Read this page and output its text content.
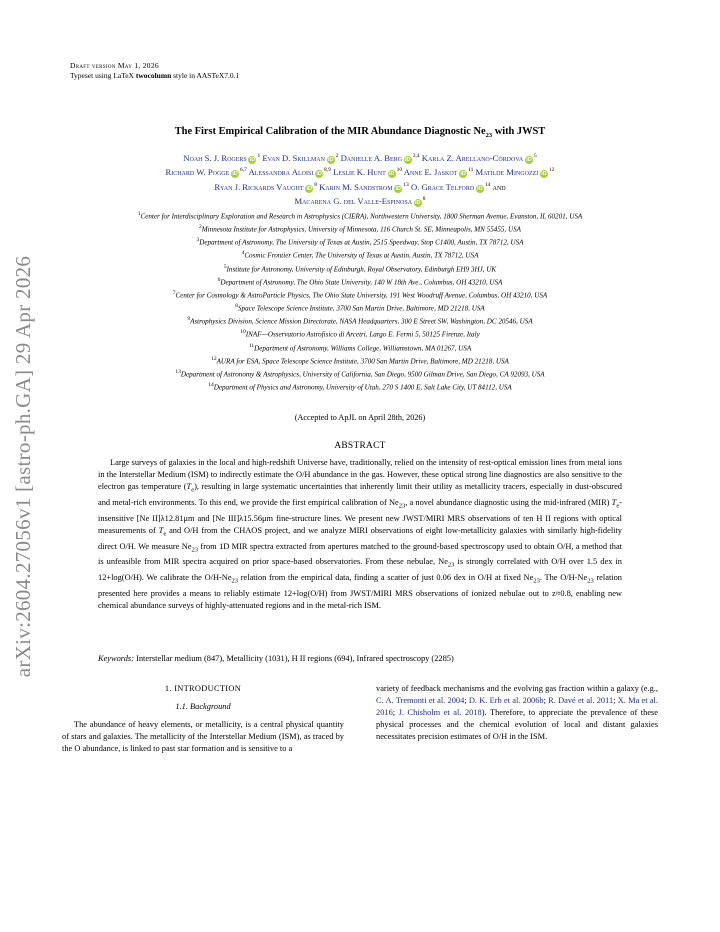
arXiv:2604.27056v1 [astro-ph.GA] 29 Apr 2026
Draft version May 1, 2026
Typeset using LaTeX twocolumn style in AASTeX7.0.1
The First Empirical Calibration of the MIR Abundance Diagnostic $Ne_{23}$ with JWST
Noah S. J. Rogers  $iD^1$ Evan D. Skillman  $iD^2$ Danielle A. Berg  iD$^{3,4}$ Karla Z. Arellano-Córdova  $iD^5$
Richard W. Pogge  iD$^{6,7}$ Alessandra Aloisi  iD$^{8,9}$ Leslie K. Hunt  $iD^{10}$ Anne E. Jaskot  $iD^{11}$ Matilde Mingozzi  $iD^{12}$
Ryan J. Rickards Vaught  $iD^8$ Karin M. Sandstrom  $iD^{13}$ O. Grace Telford  $iD^{14}$ and
Macarena G. del Valle-Espinosa  $iD^8$
$^1$Center for Interdisciplinary Exploration and Research in Astrophysics (CIERA), Northwestern University, 1800 Sherman Avenue, Evanston, IL 60201, USA
$^2$Minnesota Institute for Astrophysics, University of Minnesota, 116 Church St. SE, Minneapolis, MN 55455, USA
$^3$Department of Astronomy, The University of Texas at Austin, 2515 Speedway, Stop C1400, Austin, TX 78712, USA
$^4$Cosmic Frontier Center, The University of Texas at Austin, Austin, TX 78712, USA
$^5$Institute for Astronomy, University of Edinburgh, Royal Observatory, Edinburgh EH9 3HJ, UK
$^6$Department of Astronomy, The Ohio State University, 140 W 18th Ave., Columbus, OH 43210, USA
$^7$Center for Cosmology & AstroParticle Physics, The Ohio State University, 191 West Woodruff Avenue, Columbus, OH 43210, USA
$^8$Space Telescope Science Institute, 3700 San Martin Drive, Baltimore, MD 21218, USA
$^9$Astrophysics Division, Science Mission Directorate, NASA Headquarters, 300 E Street SW, Washington, DC 20546, USA
$^{10}$INAF—Osservatorio Astrofisico di Arcetri, Largo E. Fermi 5, 50125 Firenze, Italy
$^{11}$Department of Astronomy, Williams College, Williamstown, MA 01267, USA
$^{12}$AURA for ESA, Space Telescope Science Institute, 3700 San Martin Drive, Baltimore, MD 21218, USA
$^{13}$Department of Astronomy & Astrophysics, University of California, San Diego, 9500 Gilman Drive, San Diego, CA 92093, USA
$^{14}$Department of Physics and Astronomy, University of Utah, 270 S 1400 E, Salt Lake City, UT 84112, USA
(Accepted to ApJL on April 28th, 2026)
ABSTRACT
Large surveys of galaxies in the local and high-redshift Universe have, traditionally, relied on the intensity of rest-optical emission lines from metal ions in the Interstellar Medium (ISM) to indirectly estimate the O/H abundance in the gas. However, these optical strong line diagnostics are also sensitive to the electron gas temperature $(T_e)$, resulting in large systematic uncertainties that inherently limit their utility as metallicity tracers, especially in dust-obscured and metal-rich environments. To this end, we provide the first empirical calibration of $Ne_{23}$, a novel abundance diagnostic using the mid-infrared (MIR) $T_e$-insensitive [Ne II]λ12.81μm and [Ne III]λ15.56μm fine-structure lines. We present new JWST/MIRI MRS observations of ten H II regions with optical measurements of $T_e$ and O/H from the CHAOS project, and we analyze MIRI observations of eight low-metallicity galaxies with similarly high-fidelity direct O/H. We measure $Ne_{23}$ from 1D MIR spectra extracted from apertures matched to the ground-based spectroscopy used to obtain O/H, a method that is unfeasible from MIR spectra acquired on prior space-based observatories. From these nebulae, $Ne_{23}$ is strongly correlated with O/H over 1.5 dex in 12+log(O/H). We calibrate the $O/H-Ne_{23}$ relation from the empirical data, finding a scatter of just 0.06 dex in O/H at fixed $Ne_{23}$. The $O/H-Ne_{23}$ relation presented here provides a means to reliably estimate 12+log(O/H) from JWST/MIRI MRS observations of ionized nebulae out to z≈0.8, enabling new chemical abundance surveys of highly-attenuated regions and in the metal-rich ISM.
Keywords: Interstellar medium (847), Metallicity (1031), H II regions (694), Infrared spectroscopy (2285)
1. INTRODUCTION
1.1. Background
The abundance of heavy elements, or metallicity, is a central physical quantity of stars and galaxies. The metallicity of the Interstellar Medium (ISM), as traced by the O abundance, is linked to past star formation and is sensitive to a
variety of feedback mechanisms and the evolving gas fraction within a galaxy (e.g., C. A. Tremonti et al. 2004; D. K. Erb et al. 2006b; R. Davé et al. 2011; X. Ma et al. 2016; J. Chisholm et al. 2018). Therefore, to appreciate the prevalence of these physical processes and the chemical evolution of local and distant galaxies necessitates precision estimates of O/H in the ISM.
